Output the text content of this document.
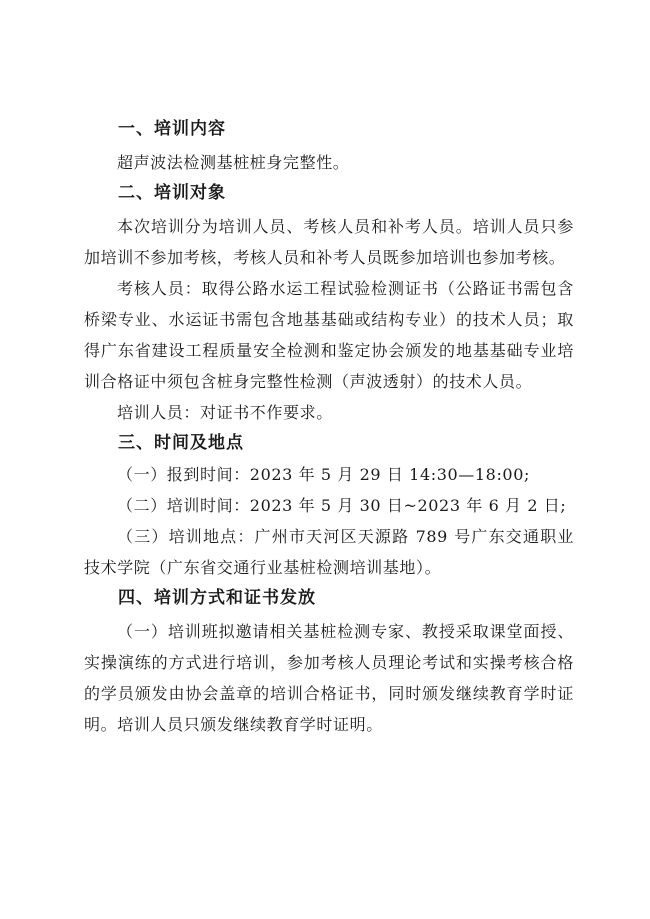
一、培训内容

超声波法检测基桩桩身完整性。

二、培训对象

本次培训分为培训人员、考核人员和补考人员。培训人员只参加培训不参加考核，考核人员和补考人员既参加培训也参加考核。

考核人员：取得公路水运工程试验检测证书（公路证书需包含桥梁专业、水运证书需包含地基基础或结构专业）的技术人员；取得广东省建设工程质量安全检测和鉴定协会颁发的地基基础专业培训合格证中须包含桩身完整性检测（声波透射）的技术人员。

培训人员：对证书不作要求。

三、时间及地点

（一）报到时间：2023 年 5 月 29 日 14:30—18:00;

（二）培训时间：2023 年 5 月 30 日~2023 年 6 月 2 日;

（三）培训地点：广州市天河区天源路 789 号广东交通职业技术学院（广东省交通行业基桩检测培训基地）。

四、培训方式和证书发放

（一）培训班拟邀请相关基桩检测专家、教授采取课堂面授、实操演练的方式进行培训，参加考核人员理论考试和实操考核合格的学员颁发由协会盖章的培训合格证书，同时颁发继续教育学时证明。培训人员只颁发继续教育学时证明。
